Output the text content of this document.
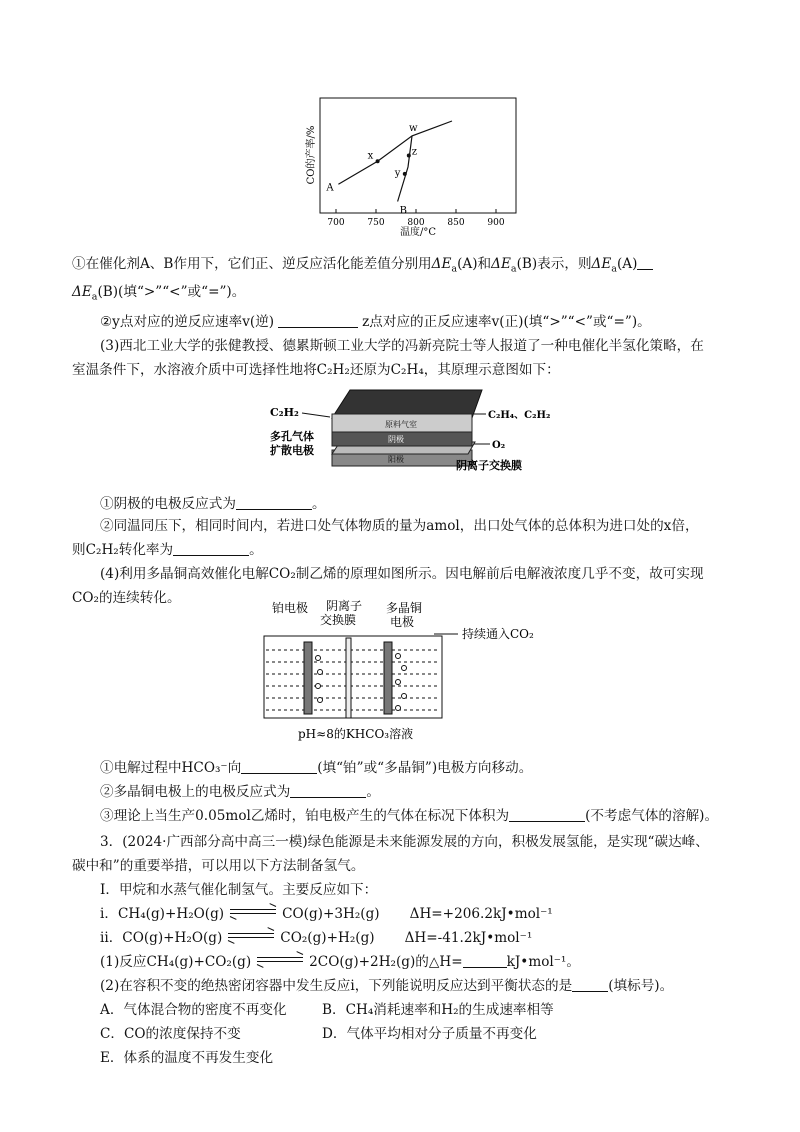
CO的产率/%
温度/°C
700	750	800	850	900
x
w
z
y
A
B
①在催化剂A、B作用下，它们正、逆反应活化能差值分别用$\Delta E_a(A)$和$\Delta E_a(B)$表示，则$\Delta E_a(A)$
$\Delta E_a(B)$(填“>”“<”或“=”)。
②y点对应的逆反应速率v(逆)	z点对应的正反应速率v(正)(填“>”“<”或“=”)。
(3)西北工业大学的张健教授、德累斯顿工业大学的冯新亮院士等人报道了一种电催化半氢化策略，在
室温条件下，水溶液介质中可选择性地将C₂H₂还原为C₂H₄，其原理示意图如下：
原料气室
阴极
阳极
C₂H₂	C₂H₄、C₂H₂
多孔气体
扩散电极	O₂
阴离子交换膜
①阴极的电极反应式为	。
②同温同压下，相同时间内，若进口处气体物质的量为amol，出口处气体的总体积为进口处的x倍，
则C₂H₂转化率为	。
(4)利用多晶铜高效催化电解CO₂制乙烯的原理如图所示。因电解前后电解液浓度几乎不变，故可实现
CO₂的连续转化。
铂电极 阴离子
交换膜
多晶铜
电极
持续通入CO₂
pH≈8的KHCO₃溶液
①电解过程中HCO₃⁻向	(填“铂”或“多晶铜”)电极方向移动。
②多晶铜电极上的电极反应式为	。
③理论上当生产0.05mol乙烯时，铂电极产生的气体在标况下体积为	(不考虑气体的溶解)。
3．(2024·广西部分高中高三一模)绿色能源是未来能源发展的方向，积极发展氢能，是实现“碳达峰、
碳中和”的重要举措，可以用以下方法制备氢气。
I．甲烷和水蒸气催化制氢气。主要反应如下：
i．CH₄(g)+H₂O(g)	CO(g)+3H₂(g) ΔH=+206.2kJ•mol⁻¹
ii．CO(g)+H₂O(g)	CO₂(g)+H₂(g) ΔH=-41.2kJ•mol⁻¹
(1)反应CH₄(g)+CO₂(g)	2CO(g)+2H₂(g)的△H=	kJ•mol⁻¹。
(2)在容积不变的绝热密闭容器中发生反应i，下列能说明反应达到平衡状态的是	(填标号)。
A．气体混合物的密度不再变化	B．CH₄消耗速率和H₂的生成速率相等
C．CO的浓度保持不变	D．气体平均相对分子质量不再变化
E．体系的温度不再发生变化
